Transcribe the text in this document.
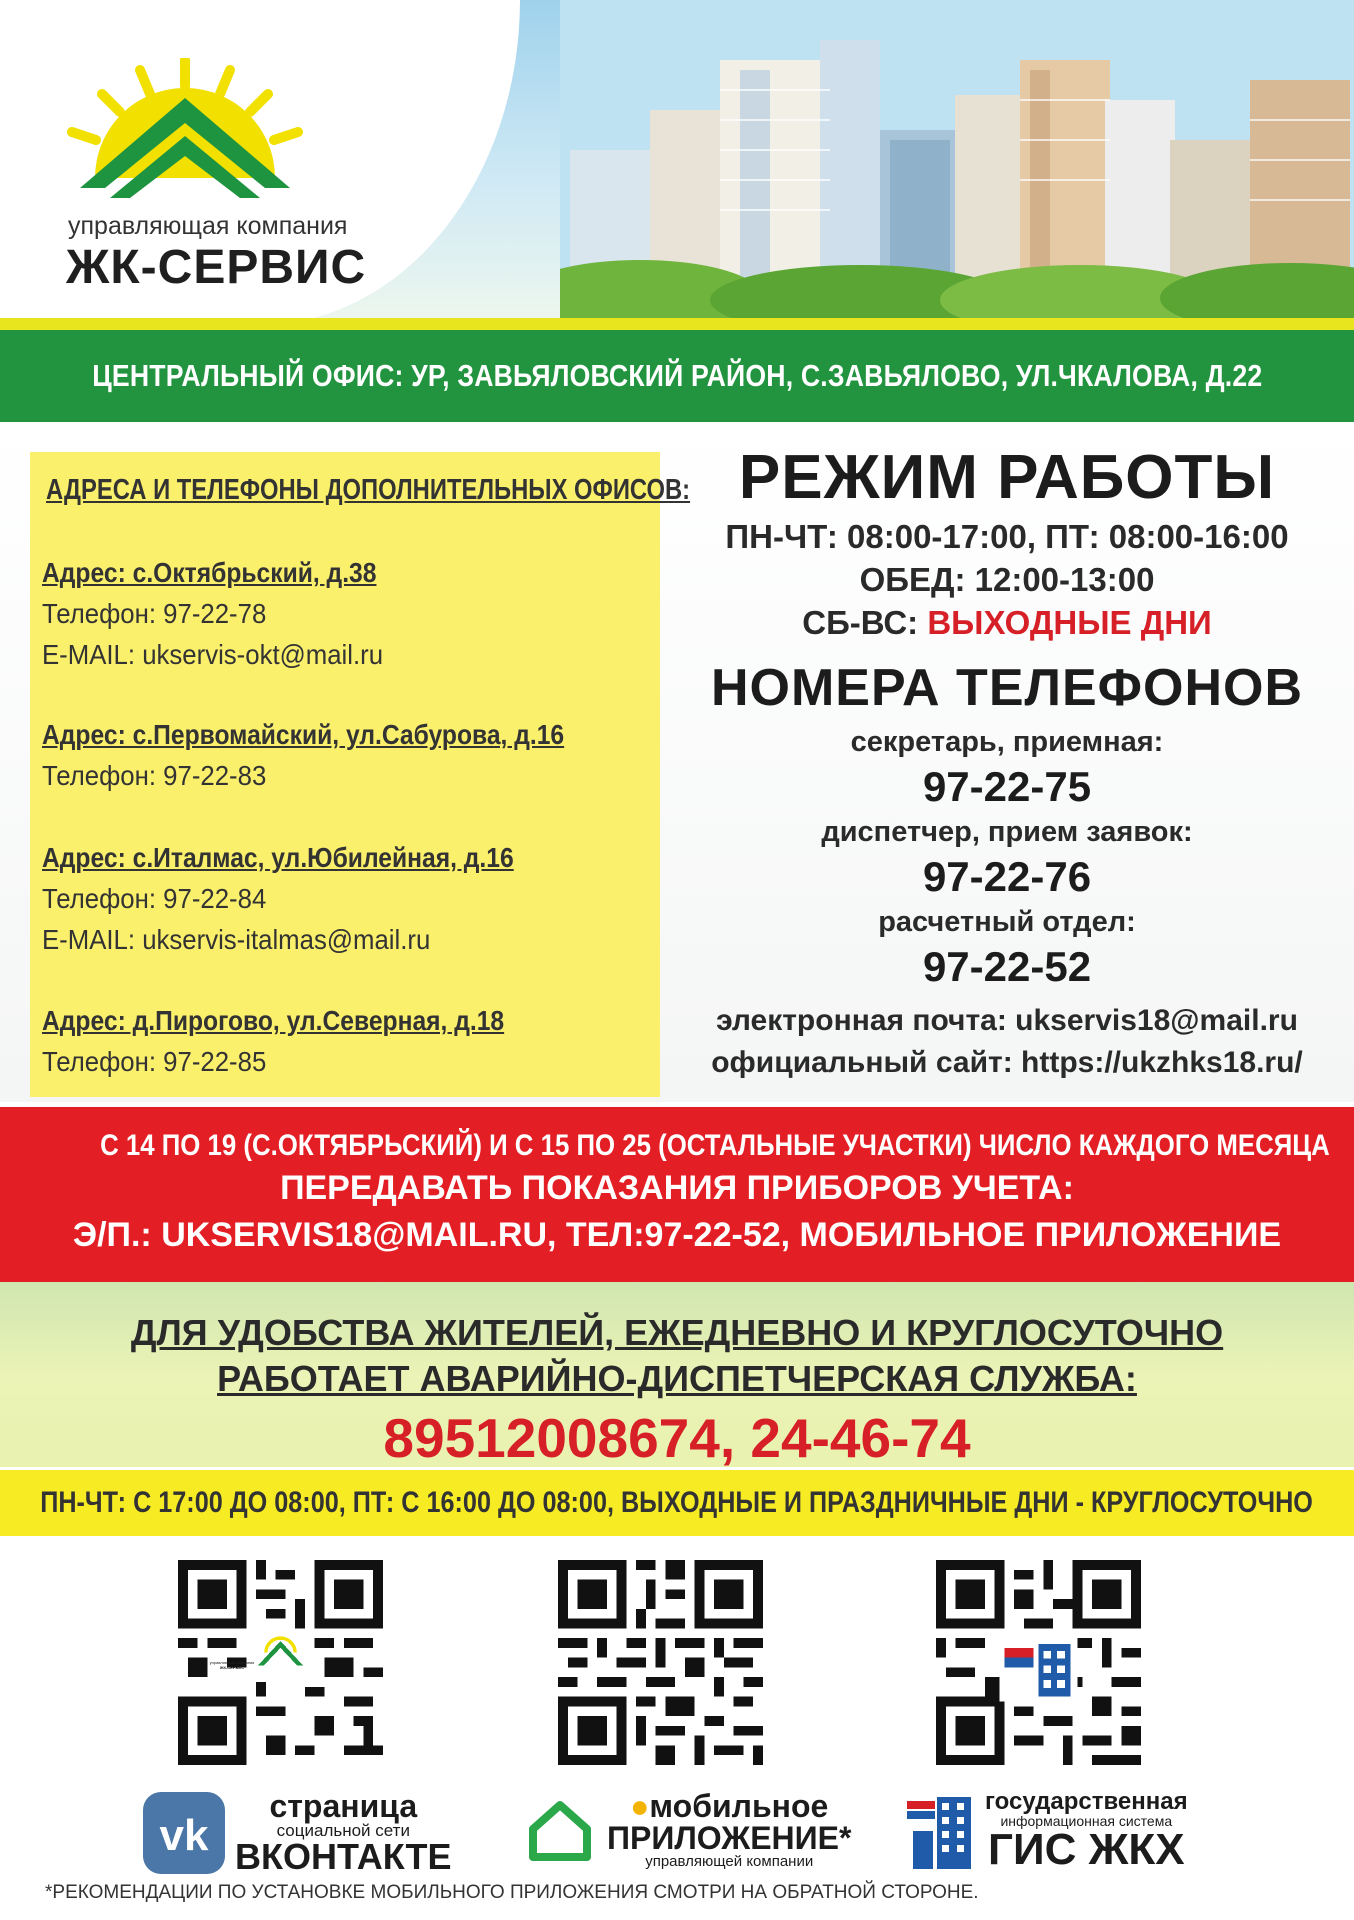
управляющая компания
ЖК-СЕРВИС
ЦЕНТРАЛЬНЫЙ ОФИС: УР, ЗАВЬЯЛОВСКИЙ РАЙОН, С.ЗАВЬЯЛОВО, УЛ.ЧКАЛОВА, Д.22
АДРЕСА И ТЕЛЕФОНЫ ДОПОЛНИТЕЛЬНЫХ ОФИСОВ:
Адрес: с.Октябрьский, д.38
Телефон: 97-22-78
E-MAIL: ukservis-okt@mail.ru
Адрес: с.Первомайский, ул.Сабурова, д.16
Телефон: 97-22-83
Адрес: с.Италмас, ул.Юбилейная, д.16
Телефон: 97-22-84
E-MAIL: ukservis-italmas@mail.ru
Адрес: д.Пирогово, ул.Северная, д.18
Телефон: 97-22-85
РЕЖИМ РАБОТЫ
ПН-ЧТ: 08:00-17:00, ПТ: 08:00-16:00
ОБЕД: 12:00-13:00
СБ-ВС: ВЫХОДНЫЕ ДНИ
НОМЕРА ТЕЛЕФОНОВ
секретарь, приемная:
97-22-75
диспетчер, прием заявок:
97-22-76
расчетный отдел:
97-22-52
электронная почта: ukservis18@mail.ru
официальный сайт: https://ukzhks18.ru/
С 14 ПО 19 (С.ОКТЯБРЬСКИЙ) И С 15 ПО 25 (ОСТАЛЬНЫЕ УЧАСТКИ) ЧИСЛО КАЖДОГО МЕСЯЦА
ПЕРЕДАВАТЬ ПОКАЗАНИЯ ПРИБОРОВ УЧЕТА:
Э/П.: UKSERVIS18@MAIL.RU, ТЕЛ:97-22-52, МОБИЛЬНОЕ ПРИЛОЖЕНИЕ
ДЛЯ УДОБСТВА ЖИТЕЛЕЙ, ЕЖЕДНЕВНО И КРУГЛОСУТОЧНО
РАБОТАЕТ АВАРИЙНО-ДИСПЕТЧЕРСКАЯ СЛУЖБА:
89512008674, 24-46-74
ПН-ЧТ: С 17:00 ДО 08:00, ПТ: С 16:00 ДО 08:00, ВЫХОДНЫЕ И ПРАЗДНИЧНЫЕ ДНИ - КРУГЛОСУТОЧНО
управляющая компания
ЖК-СЕРВИС
vk
страница
социальной сети
ВКОНТАКТЕ
●мобильное
ПРИЛОЖЕНИЕ*
управляющей компании
государственная
информационная система
ГИС ЖКХ
*РЕКОМЕНДАЦИИ ПО УСТАНОВКЕ МОБИЛЬНОГО ПРИЛОЖЕНИЯ СМОТРИ НА ОБРАТНОЙ СТОРОНЕ.
